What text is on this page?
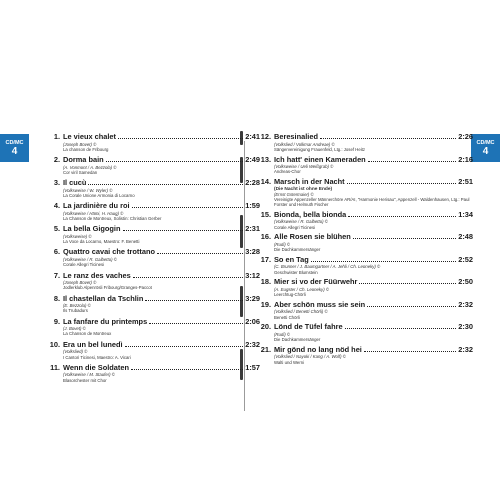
CD/MC
4
CD/MC
4
1. Le vieux chalet	2:41
(Joseph Bovet) ©
La chanson de Fribourg
2. Dorma bain	2:49
(A. Vonmont / A. Bezzola) ©
Cor viril Samedan
3. Il cucù	2:28
(Volksweise / W. Wyler) ©
La Corale Unione Armonia di Locarno
4. La jardinière du roi	1:59
(Volksweise / Hämi, H. Haug) ©
La Chanson de Montreux, Solistin: Christian Gerber
5. La bella Gigogin	2:31
(Volksweise) ©
La Voce da Locarno, Maestro: F. Benetti
6. Quattro cavai che trottano	3:28
(Volksweise / R. Galbetto) ©
Corale Allegri Ticinesi
7. Le ranz des vaches	3:12
(Joseph Bovet) ©
Jodlerklub Alpenrösli Fribourg/Granges-Paccot
8. Il chastellan da Tschlin	3:29
(E. Bezzola) ©
Ils Trubadurs
9. La fanfare du printemps	2:06
(J. Bovet) ©
La Chanson de Montreux
10. Era un bel lunedì	2:32
(Volkslied) ©
I Cantori Ticinesi, Maestro: A. Vicari
11. Wenn die Soldaten	1:57
(Volksweise / M. Staufer) ©
Blasorchester mit Chor
12. Beresinalied	2:26
(Volkslied / Volkmar Andreae) ©
Sängervereinigung Frauenfeld, Ltg.: Josef Heitz
13. Ich hatt' einen Kameraden	2:16
(Volksweise / Ueli Weißgrab) ©
Andreas-Chor
14. Marsch in der Nacht	2:51
(Die Nacht ist ohne Ende)
(Ernst Gstermaier) ©
Vereinigte Appenzeller Männerchöre AR/AI, "Harmonie Herisau", Appenzell - Waldenhausen, Ltg.: Paul Forster und Helmuth Fischer
15. Bionda, bella bionda	1:34
(Volksweise / R. Galbetto) ©
Corale Allegri Ticinesi
16. Alle Rosen sie blühen	2:48
(Rudi) ©
Die Dachkammersänger
17. So en Tag	2:52
(C. Brunner / J. Baumgartner / A. Jehli / Ch. Leoneky) ©
Geschwister Blumstein
18. Mier si vo der Füürwehr	2:50
(A. Eugster / Ch. Leoneky) ©
Leerchtug-Chörli
19. Aber schön muss sie sein	2:32
(Volkslied / Benetti Chörli) ©
Benetti Chörli
20. Lönd de Tüfel fahre	2:30
(Rudi) ©
Die Dachkammersänger
21. Mir gönd no lang nöd hei	2:32
(Volkslied / Nayoki / Kang / A. Wolf) ©
Walti und Werni
